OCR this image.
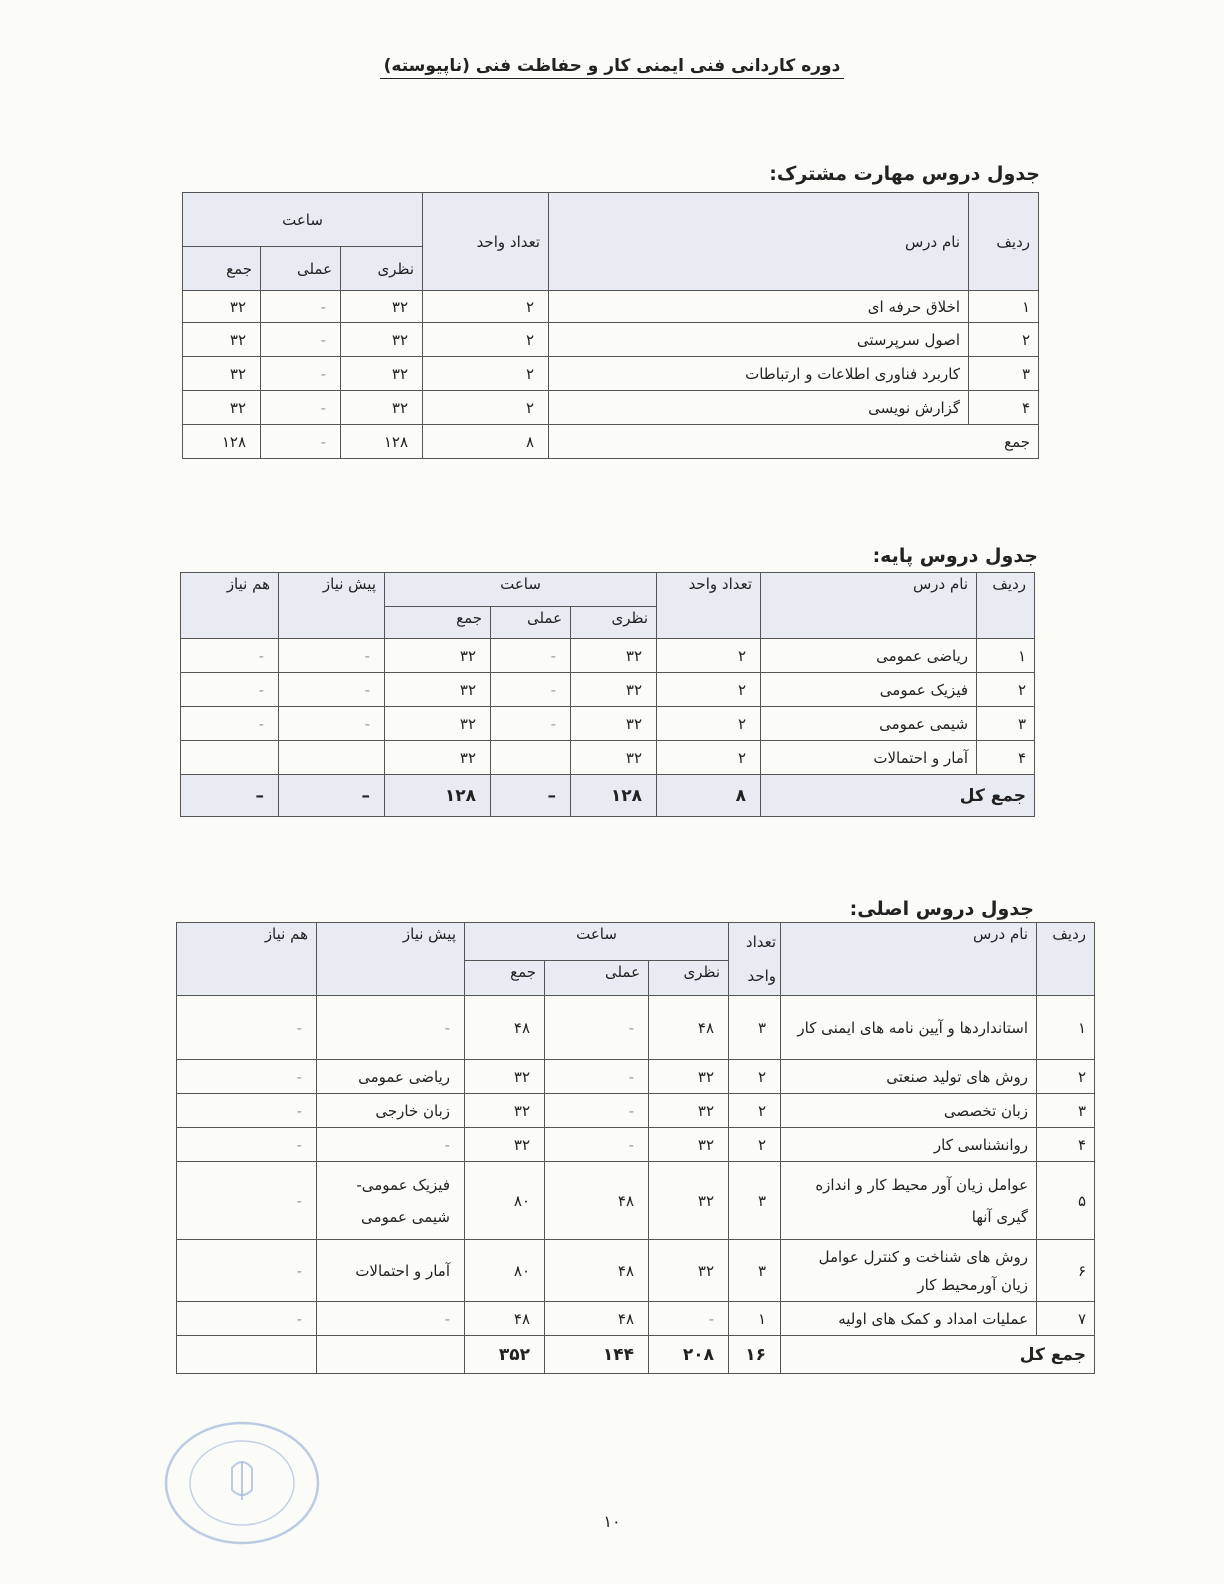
دوره کاردانی فنی ایمنی کار و حفاظت فنی (ناپیوسته)
جدول دروس مهارت مشترک:
ردیف	نام درس	تعداد واحد	ساعت		
			نظری	عملی	جمع
۱	اخلاق حرفه ای	۲	۳۲	-	۳۲
۲	اصول سرپرستی	۲	۳۲	-	۳۲
۳	کاربرد فناوری اطلاعات و ارتباطات	۲	۳۲	-	۳۲
۴	گزارش نویسی	۲	۳۲	-	۳۲
جمع		۸	۱۲۸	-	۱۲۸
جدول دروس پایه:
ردیف	نام درس	تعداد واحد	ساعت			پیش نیاز	هم نیاز
			نظری	عملی	جمع		
۱	ریاضی عمومی	۲	۳۲	-	۳۲	-	-
۲	فیزیک عمومی	۲	۳۲	-	۳۲	-	-
۳	شیمی عمومی	۲	۳۲	-	۳۲	-	-
۴	آمار و احتمالات	۲	۳۲		۳۲		
جمع کل		۸	۱۲۸	–	۱۲۸	–	–
جدول دروس اصلی:
ردیف	نام درس	تعداد
واحد	ساعت			پیش نیاز	هم نیاز
			نظری	عملی	جمع		
۱	استانداردها و آیین نامه های ایمنی کار	۳	۴۸	-	۴۸	-	-
۲	روش های تولید صنعتی	۲	۳۲	-	۳۲	ریاضی عمومی	-
۳	زبان تخصصی	۲	۳۲	-	۳۲	زبان خارجی	-
۴	روانشناسی کار	۲	۳۲	-	۳۲	-	-
۵	عوامل زیان آور محیط کار و اندازه گیری آنها	۳	۳۲	۴۸	۸۰	فیزیک عمومی- شیمی عمومی	-
۶	روش های شناخت و کنترل عوامل زیان آورمحیط کار	۳	۳۲	۴۸	۸۰	آمار و احتمالات	-
۷	عملیات امداد و کمک های اولیه	۱	-	۴۸	۴۸	-	-
جمع کل		۱۶	۲۰۸	۱۴۴	۳۵۲		
۱۰
